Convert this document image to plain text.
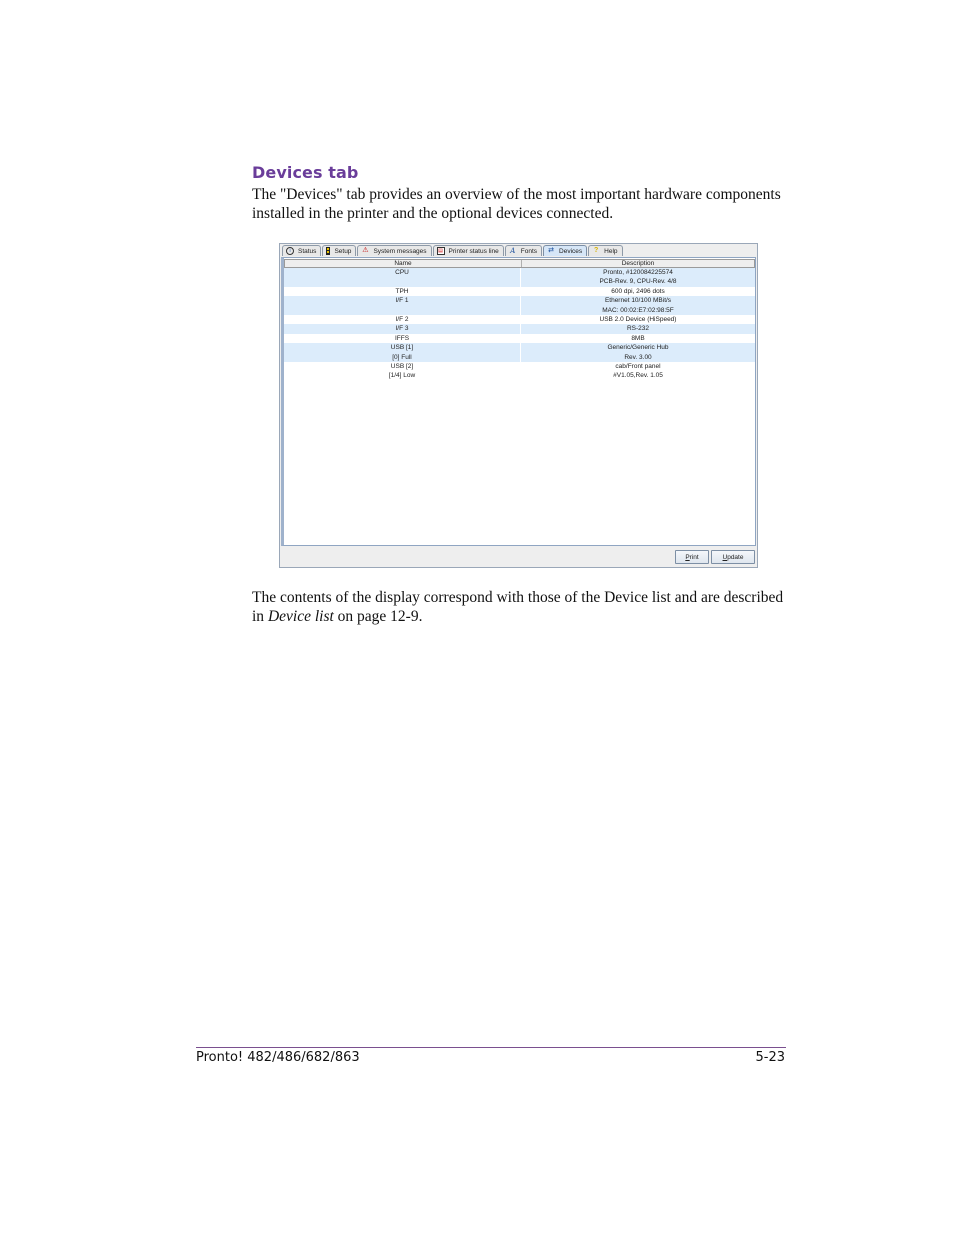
Devices tab
The "Devices" tab provides an overview of the most important hardware components installed in the printer and the optional devices connected.
i	Status	Setup ⚠ System messages	▤ Printer status line A Fonts ⇄ Devices ? Help
Name	Description
CPU	Pronto, #120084225574
PCB-Rev. 9, CPU-Rev. 4/8
TPH	600 dpi, 2496 dots
I/F 1	Ethernet 10/100 MBit/s
MAC: 00:02:E7:02:98:5F
I/F 2	USB 2.0 Device (HiSpeed)
I/F 3	RS-232
IFFS	8MB
USB [1]	Generic/Generic Hub
[0] Full	Rev. 3.00
USB [2]	cab/Front panel
[1/4] Low	#V1.05,Rev. 1.05
Print	Update
The contents of the display correspond with those of the Device list and are described in Device list on page 12-9.
Pronto! 482/486/682/863	5-23
